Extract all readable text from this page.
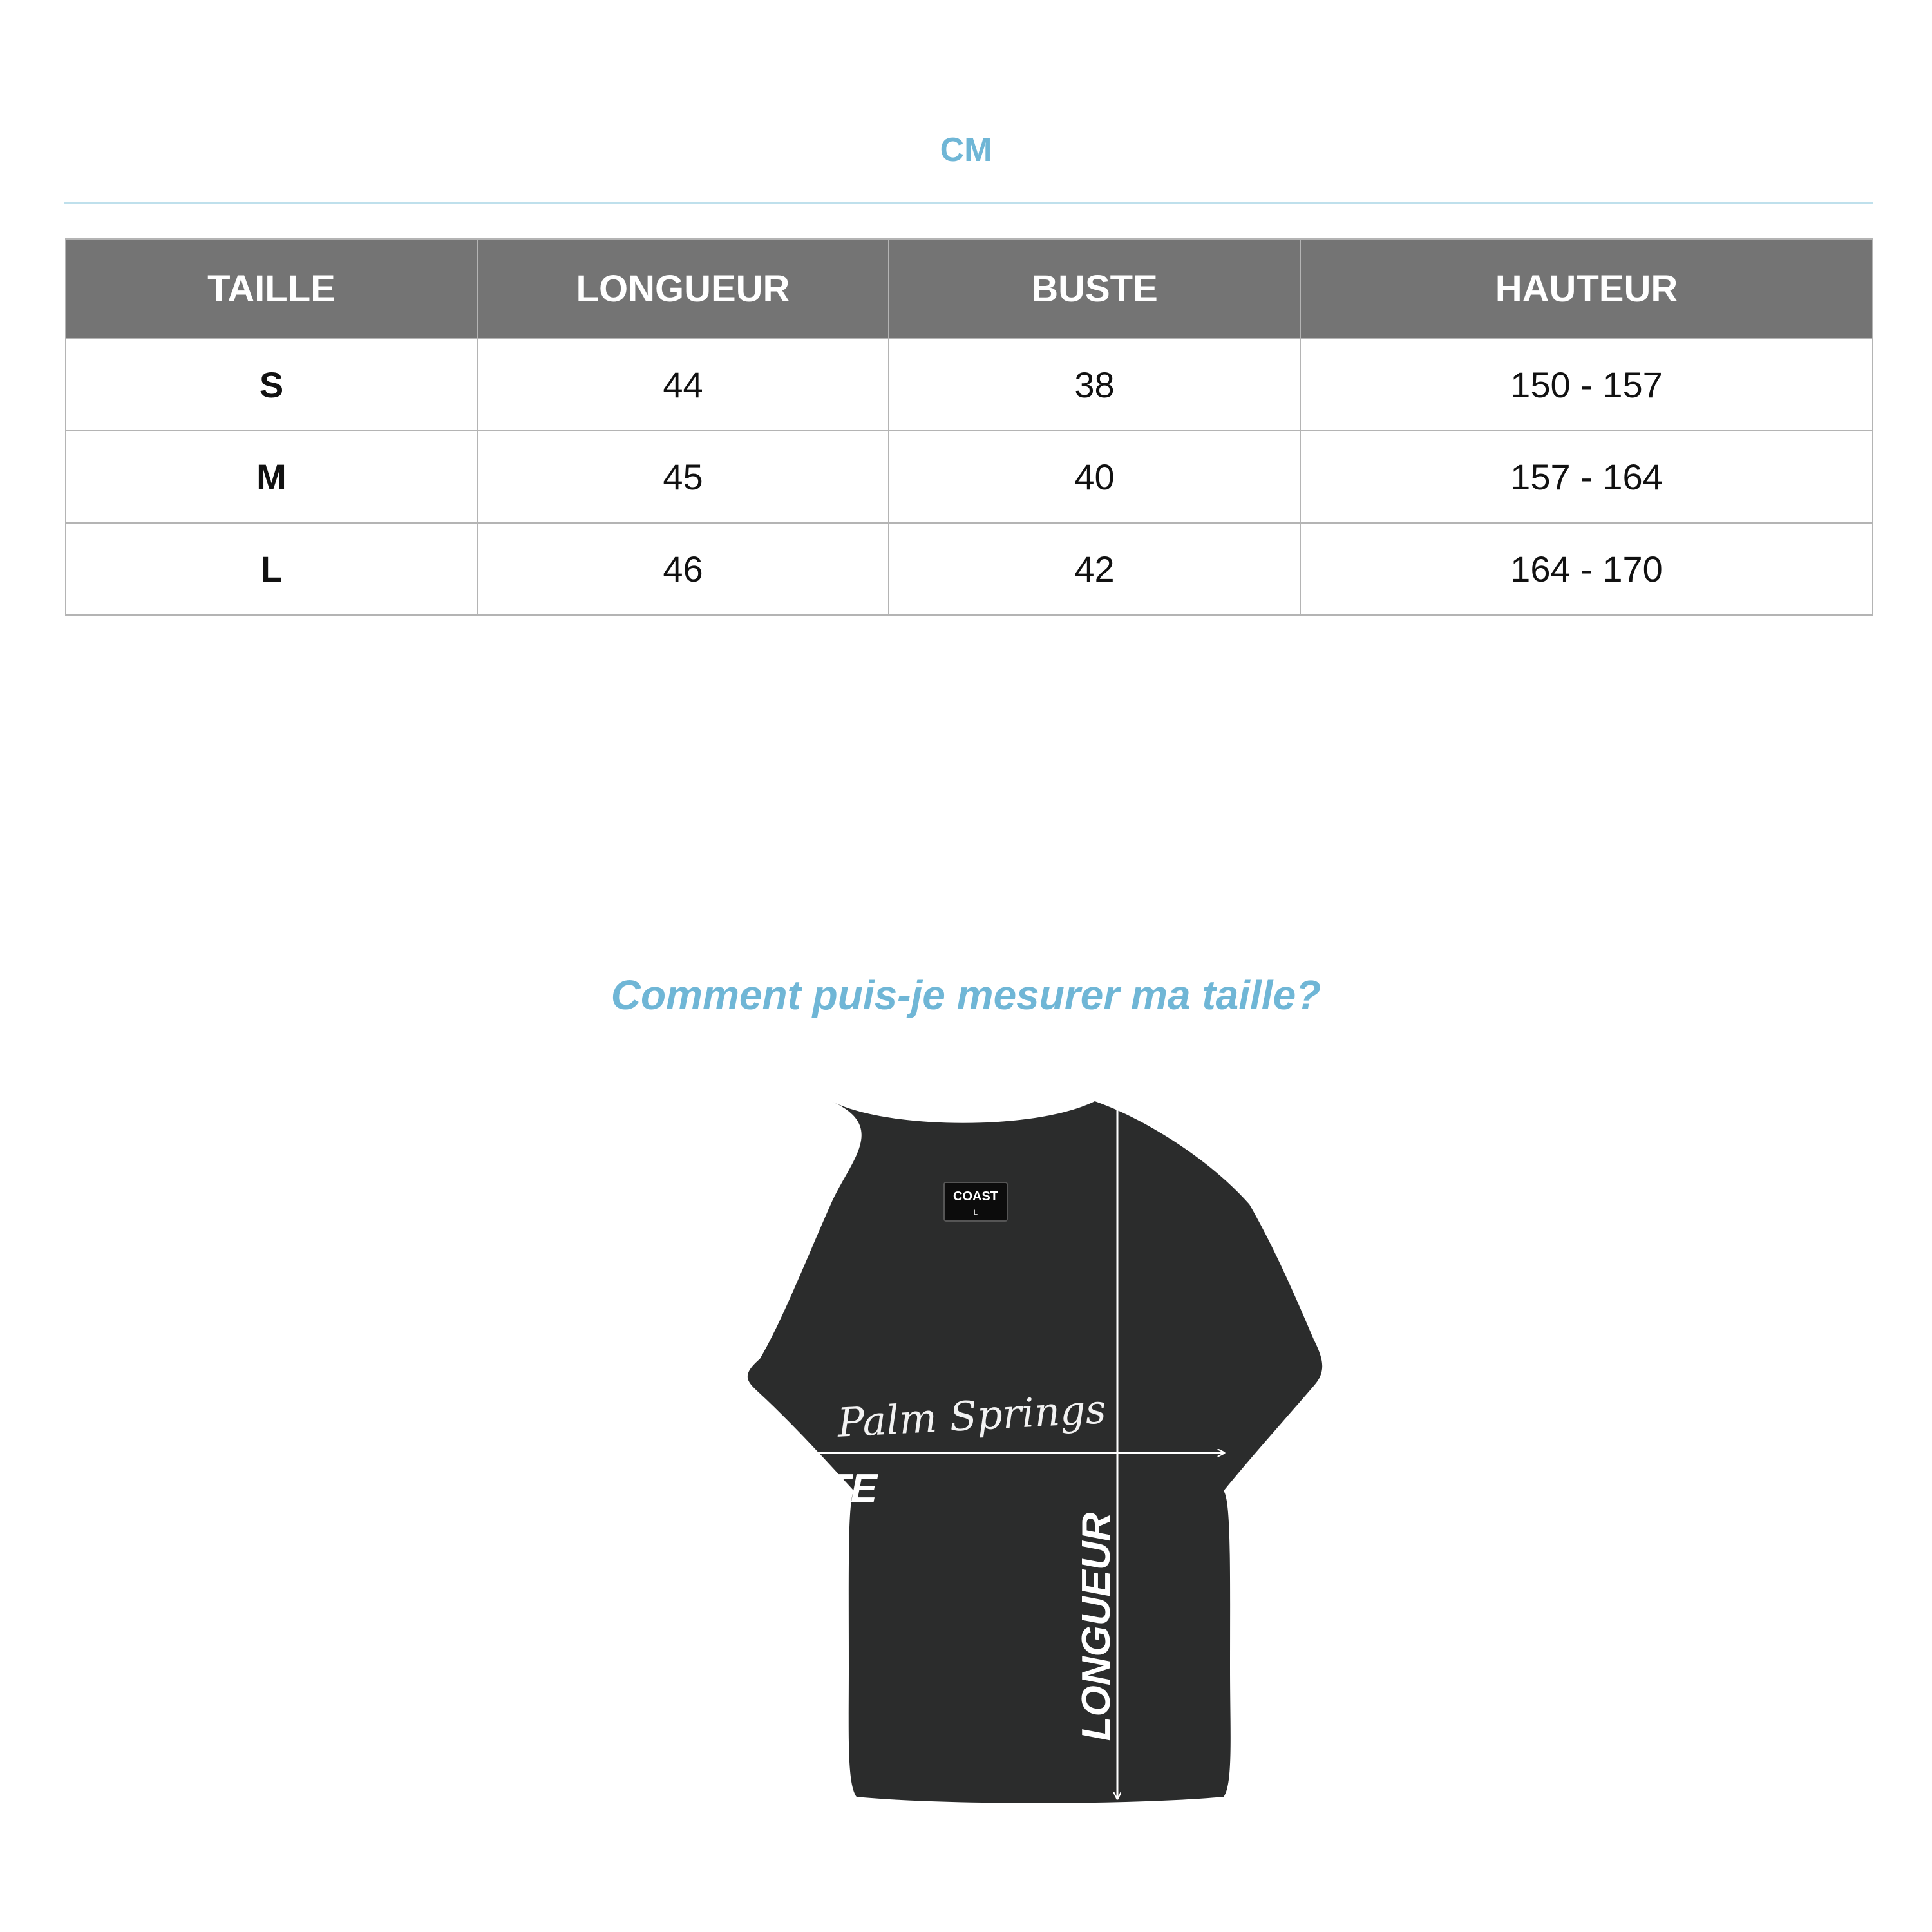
CM
TAILLE	LONGUEUR	BUSTE	HAUTEUR
S	44	38	150 - 157
M	45	40	157 - 164
L	46	42	164 - 170
Comment puis-je mesurer ma taille?
COAST
L
Palm Springs
BUSTE
LONGUEUR
